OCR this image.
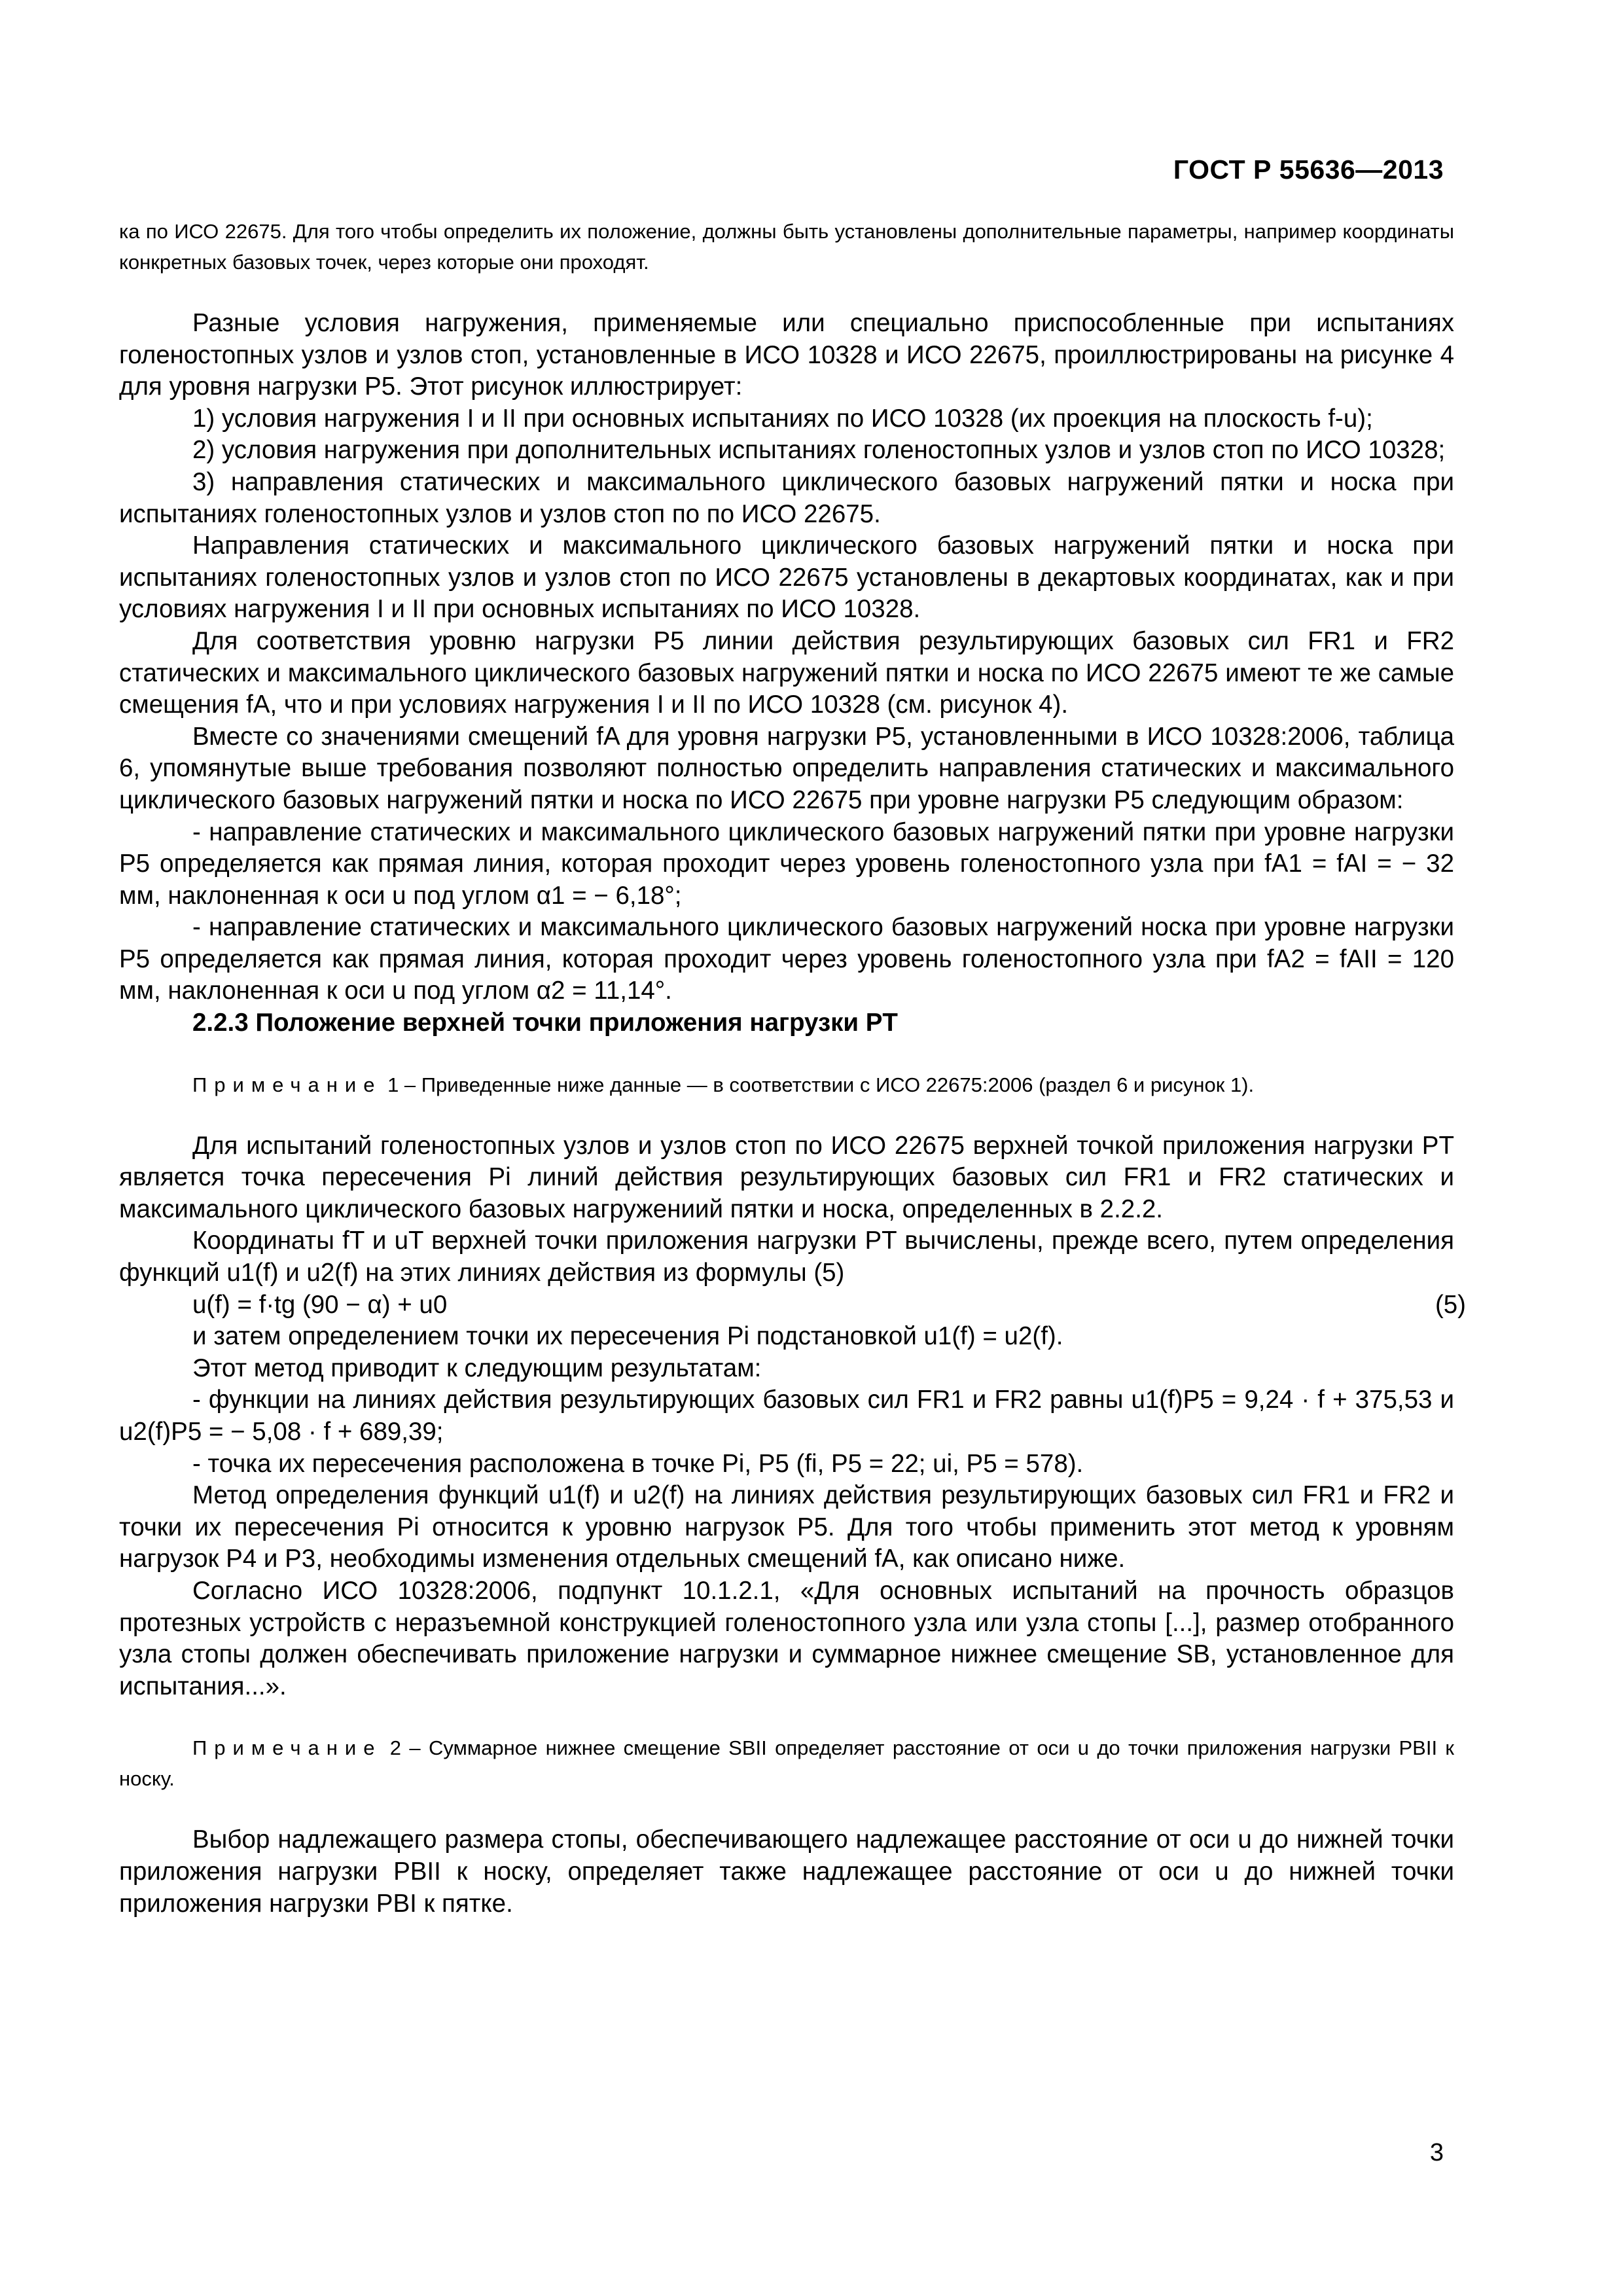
ГОСТ Р 55636—2013

ка по ИСО 22675. Для того чтобы определить их положение, должны быть установлены дополнительные параметры, например координаты конкретных базовых точек, через которые они проходят.

Разные условия нагружения, применяемые или специально приспособленные при испытаниях голеностопных узлов и узлов стоп, установленные в ИСО 10328 и ИСО 22675, проиллюстрированы на рисунке 4 для уровня нагрузки P5. Этот рисунок иллюстрирует:

1) условия нагружения I и II при основных испытаниях по ИСО 10328 (их проекция на плоскость f-u);

2) условия нагружения при дополнительных испытаниях голеностопных узлов и узлов стоп по ИСО 10328;

3) направления статических и максимального циклического базовых нагружений пятки и носка при испытаниях голеностопных узлов и узлов стоп по по ИСО 22675.

Направления статических и максимального циклического базовых нагружений пятки и носка при испытаниях голеностопных узлов и узлов стоп по ИСО 22675 установлены в декартовых координатах, как и при условиях нагружения I и II при основных испытаниях по ИСО 10328.

Для соответствия уровню нагрузки P5 линии действия результирующих базовых сил FR1 и FR2 статических и максимального циклического базовых нагружений пятки и носка по ИСО 22675 имеют те же самые смещения fA, что и при условиях нагружения I и II по ИСО 10328 (см. рисунок 4).

Вместе со значениями смещений fA для уровня нагрузки P5, установленными в ИСО 10328:2006, таблица 6, упомянутые выше требования позволяют полностью определить направления статических и максимального циклического базовых нагружений пятки и носка по ИСО 22675 при уровне нагрузки P5 следующим образом:

- направление статических и максимального циклического базовых нагружений пятки при уровне нагрузки P5 определяется как прямая линия, которая проходит через уровень голеностопного узла при fA1 = fAI = − 32 мм, наклоненная к оси u под углом α1 = − 6,18°;

- направление статических и максимального циклического базовых нагружений носка при уровне нагрузки P5 определяется как прямая линия, которая проходит через уровень голеностопного узла при fA2 = fAII = 120 мм, наклоненная к оси u под углом α2 = 11,14°.

2.2.3 Положение верхней точки приложения нагрузки PT

Примечание 1 – Приведенные ниже данные — в соответствии с ИСО 22675:2006 (раздел 6 и рисунок 1).

Для испытаний голеностопных узлов и узлов стоп по ИСО 22675 верхней точкой приложения нагрузки PT является точка пересечения Pi линий действия результирующих базовых сил FR1 и FR2 статических и максимального циклического базовых нагружениий пятки и носка, определенных в 2.2.2.

Координаты fT и uT верхней точки приложения нагрузки PT вычислены, прежде всего, путем определения функций u1(f) и u2(f) на этих линиях действия из формулы (5)

u(f) = f·tg (90 − α) + u0	(5)

и затем определением точки их пересечения Pi подстановкой u1(f) = u2(f).

Этот метод приводит к следующим результатам:

- функции на линиях действия результирующих базовых сил FR1 и FR2 равны u1(f)P5 = 9,24 · f + 375,53 и u2(f)P5 = − 5,08 · f + 689,39;

- точка их пересечения расположена в точке Pi, P5 (fi, P5 = 22; ui, P5 = 578).

Метод определения функций u1(f) и u2(f) на линиях действия результирующих базовых сил FR1 и FR2 и точки их пересечения Pi относится к уровню нагрузок P5. Для того чтобы применить этот метод к уровням нагрузок P4 и P3, необходимы изменения отдельных смещений fA, как описано ниже.

Согласно ИСО 10328:2006, подпункт 10.1.2.1, «Для основных испытаний на прочность образцов протезных устройств с неразъемной конструкцией голеностопного узла или узла стопы [...], размер отобранного узла стопы должен обеспечивать приложение нагрузки и суммарное нижнее смещение SB, установленное для испытания...».

Примечание 2 – Суммарное нижнее смещение SBII определяет расстояние от оси u до точки приложения нагрузки PBII к носку.

Выбор надлежащего размера стопы, обеспечивающего надлежащее расстояние от оси u до нижней точки приложения нагрузки PBII к носку, определяет также надлежащее расстояние от оси u до нижней точки приложения нагрузки PBI к пятке.

3
